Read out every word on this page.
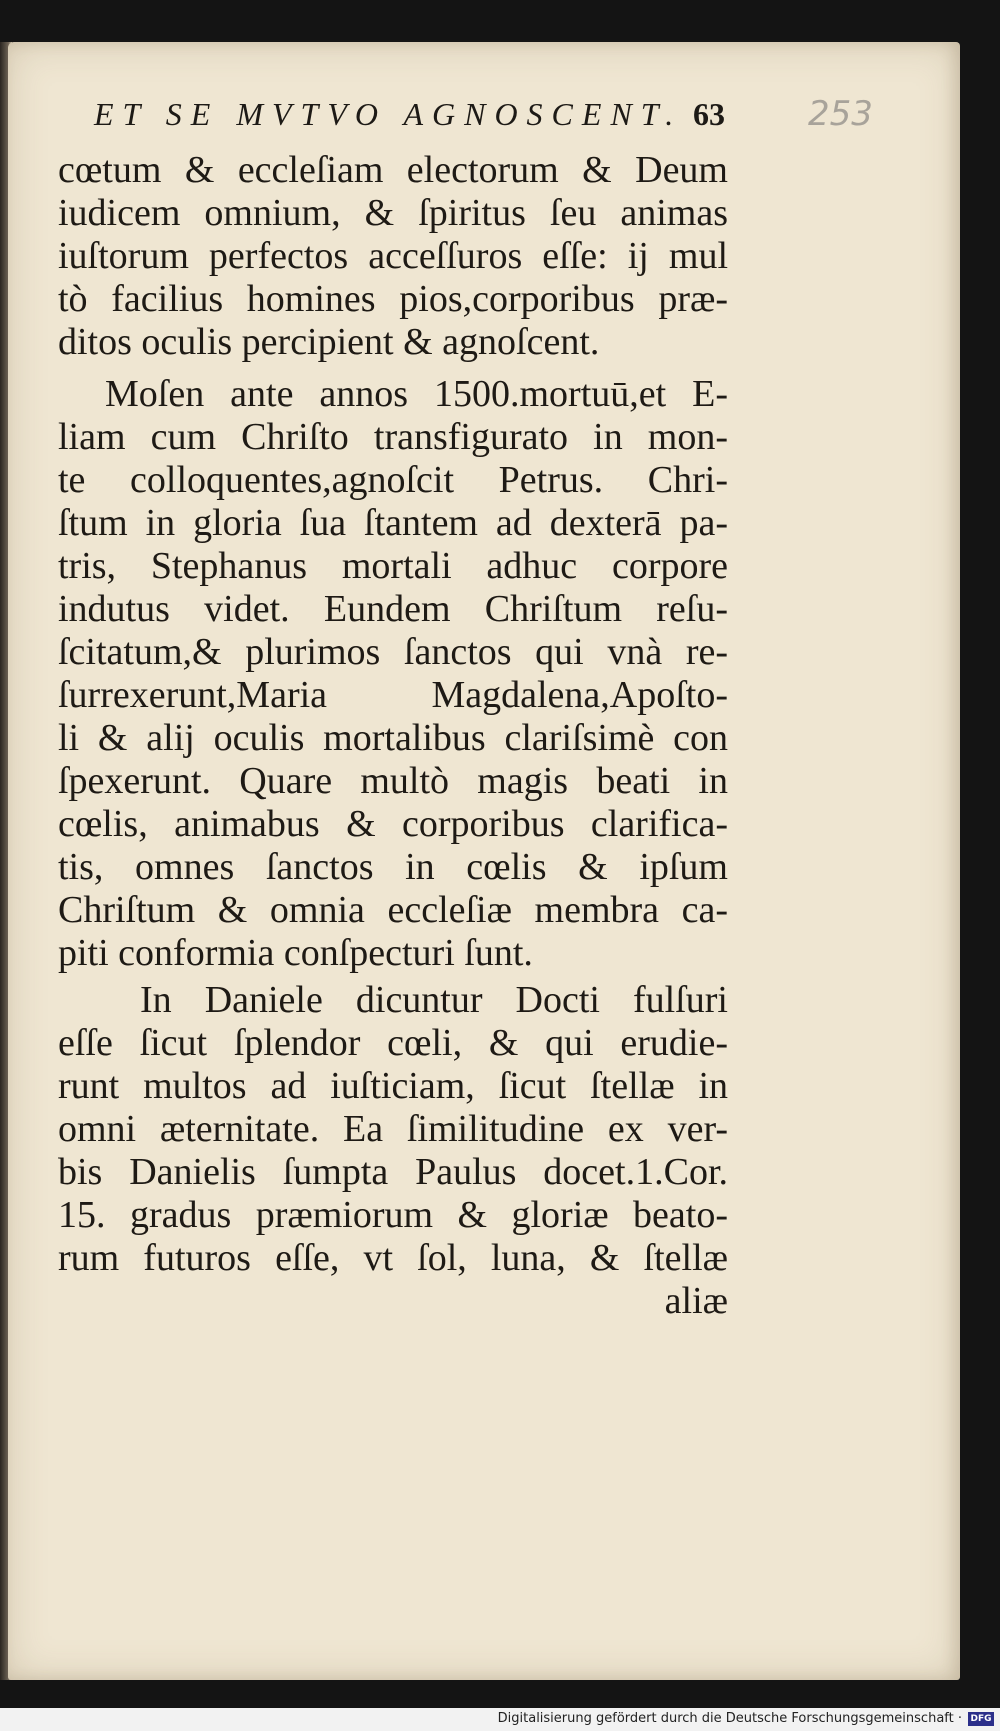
ET SE MVTVO AGNOSCENT. 63 253
cœtum & eccleſiam electorum & Deum
iudicem omnium, & ſpiritus ſeu animas
iuſtorum perfectos acceſſuros eſſe: ij mul
tò facilius homines pios,corporibus præ-
ditos oculis percipient & agnoſcent.
Moſen ante annos 1500.mortuū,et E-
liam cum Chriſto transfigurato in mon-
te colloquentes,agnoſcit Petrus. Chri-
ſtum in gloria ſua ſtantem ad dexterā pa-
tris, Stephanus mortali adhuc corpore
indutus videt. Eundem Chriſtum reſu-
ſcitatum,& plurimos ſanctos qui vnà re-
ſurrexerunt,Maria Magdalena,Apoſto-
li & alij oculis mortalibus clariſsimè con
ſpexerunt. Quare multò magis beati in
cœlis, animabus & corporibus clarifica-
tis, omnes ſanctos in cœlis & ipſum
Chriſtum & omnia eccleſiæ membra ca-
piti conformia conſpecturi ſunt.
In Daniele dicuntur Docti fulſuri
eſſe ſicut ſplendor cœli, & qui erudie-
runt multos ad iuſticiam, ſicut ſtellæ in
omni æternitate. Ea ſimilitudine ex ver-
bis Danielis ſumpta Paulus docet.1.Cor.
15. gradus præmiorum & gloriæ beato-
rum futuros eſſe, vt ſol, luna, & ſtellæ
aliæ
Digitalisierung gefördert durch die Deutsche Forschungsgemeinschaft · DFG
